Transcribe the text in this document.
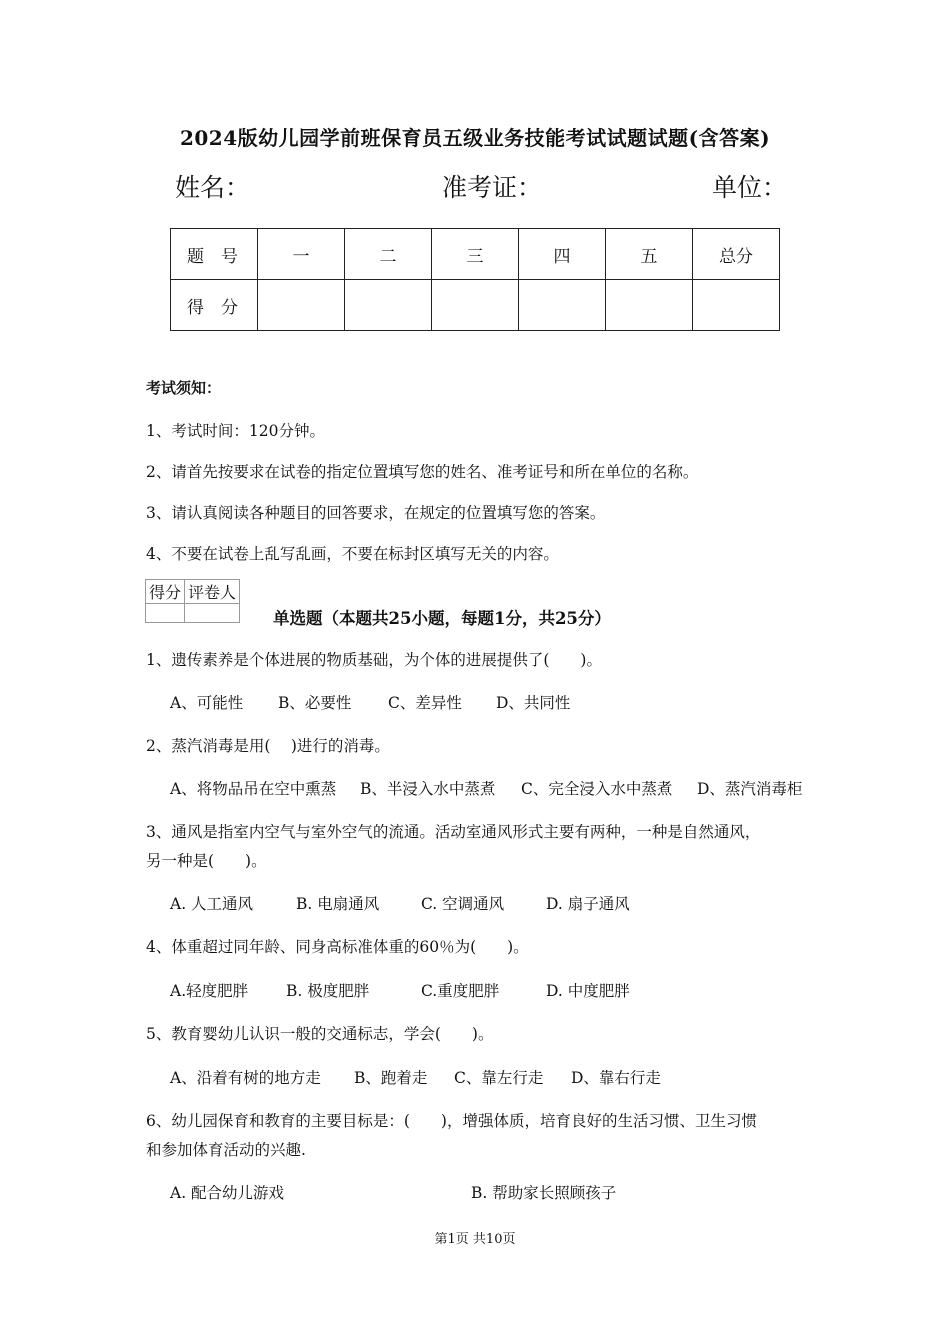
2024版幼儿园学前班保育员五级业务技能考试试题试题(含答案)
姓名：	准考证：	单位：
题　号	一	二	三	四	五	总分
得　分						
考试须知：
1、考试时间：120分钟。
2、请首先按要求在试卷的指定位置填写您的姓名、准考证号和所在单位的名称。
3、请认真阅读各种题目的回答要求，在规定的位置填写您的答案。
4、不要在试卷上乱写乱画，不要在标封区填写无关的内容。
得分	评卷人

单选题（本题共25小题，每题1分，共25分）
1、遗传素养是个体进展的物质基础，为个体的进展提供了(　　)。
A、可能性 B、必要性 C、差异性 D、共同性
2、蒸汽消毒是用(　 )进行的消毒。
A、将物品吊在空中熏蒸 B、半浸入水中蒸煮 C、完全浸入水中蒸煮 D、蒸汽消毒柜
3、通风是指室内空气与室外空气的流通。活动室通风形式主要有两种，一种是自然通风，
另一种是(　　)。
A. 人工通风	B. 电扇通风	C. 空调通风	D. 扇子通风
4、体重超过同年龄、同身高标准体重的60％为(　　)。
A.轻度肥胖 B. 极度肥胖	C.重度肥胖	D. 中度肥胖
5、教育婴幼儿认识一般的交通标志，学会(　　)。
A、沿着有树的地方走 B、跑着走 C、靠左行走 D、靠右行走
6、幼儿园保育和教育的主要目标是：(　　)，增强体质，培育良好的生活习惯、卫生习惯
和参加体育活动的兴趣.
A. 配合幼儿游戏	B. 帮助家长照顾孩子
第1页 共10页
